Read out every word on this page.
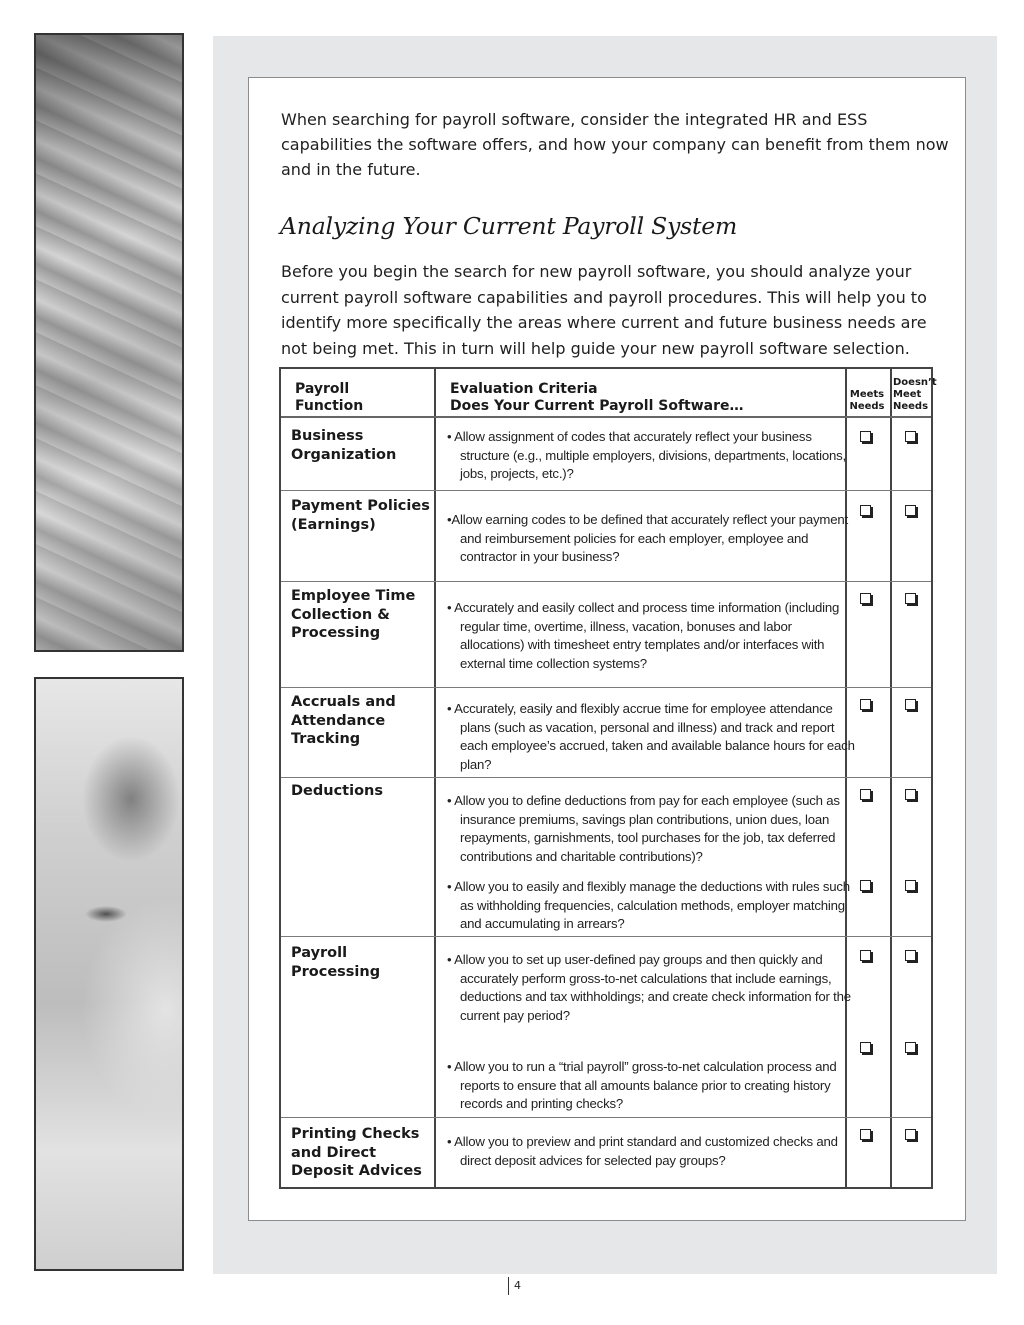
When searching for payroll software, consider the integrated HR and ESS capabilities the software offers, and how your company can benefit from them now and in the future.

Analyzing Your Current Payroll System

Before you begin the search for new payroll software, you should analyze your current payroll software capabilities and payroll procedures. This will help you to identify more specifically the areas where current and future business needs are not being met. This in turn will help guide your new payroll software selection.

Payroll
Function
Evaluation Criteria
Does Your Current Payroll Software…
Meets
Needs
Doesn’t
Meet
Needs
Business
Organization
Payment Policies
(Earnings)
Employee Time
Collection &
Processing
Accruals and
Attendance
Tracking
Deductions
Payroll
Processing
Printing Checks
and Direct
Deposit Advices
• Allow assignment of codes that accurately reflect your business structure (e.g., multiple employers, divisions, departments, locations, jobs, projects, etc.)?
•Allow earning codes to be defined that accurately reflect your payment and reimbursement policies for each employer, employee and contractor in your business?
• Accurately and easily collect and process time information (including regular time, overtime, illness, vacation, bonuses and labor allocations) with timesheet entry templates and/or interfaces with external time collection systems?
• Accurately, easily and flexibly accrue time for employee attendance plans (such as vacation, personal and illness) and track and report each employee’s accrued, taken and available balance hours for each plan?
• Allow you to define deductions from pay for each employee (such as insurance premiums, savings plan contributions, union dues, loan repayments, garnishments, tool purchases for the job, tax deferred contributions and charitable contributions)?
• Allow you to easily and flexibly manage the deductions with rules such as withholding frequencies, calculation methods, employer matching and accumulating in arrears?
• Allow you to set up user-defined pay groups and then quickly and accurately perform gross-to-net calculations that include earnings, deductions and tax withholdings; and create check information for the current pay period?
• Allow you to run a “trial payroll” gross-to-net calculation process and reports to ensure that all amounts balance prior to creating history records and printing checks?
• Allow you to preview and print standard and customized checks and direct deposit advices for selected pay groups?
4
